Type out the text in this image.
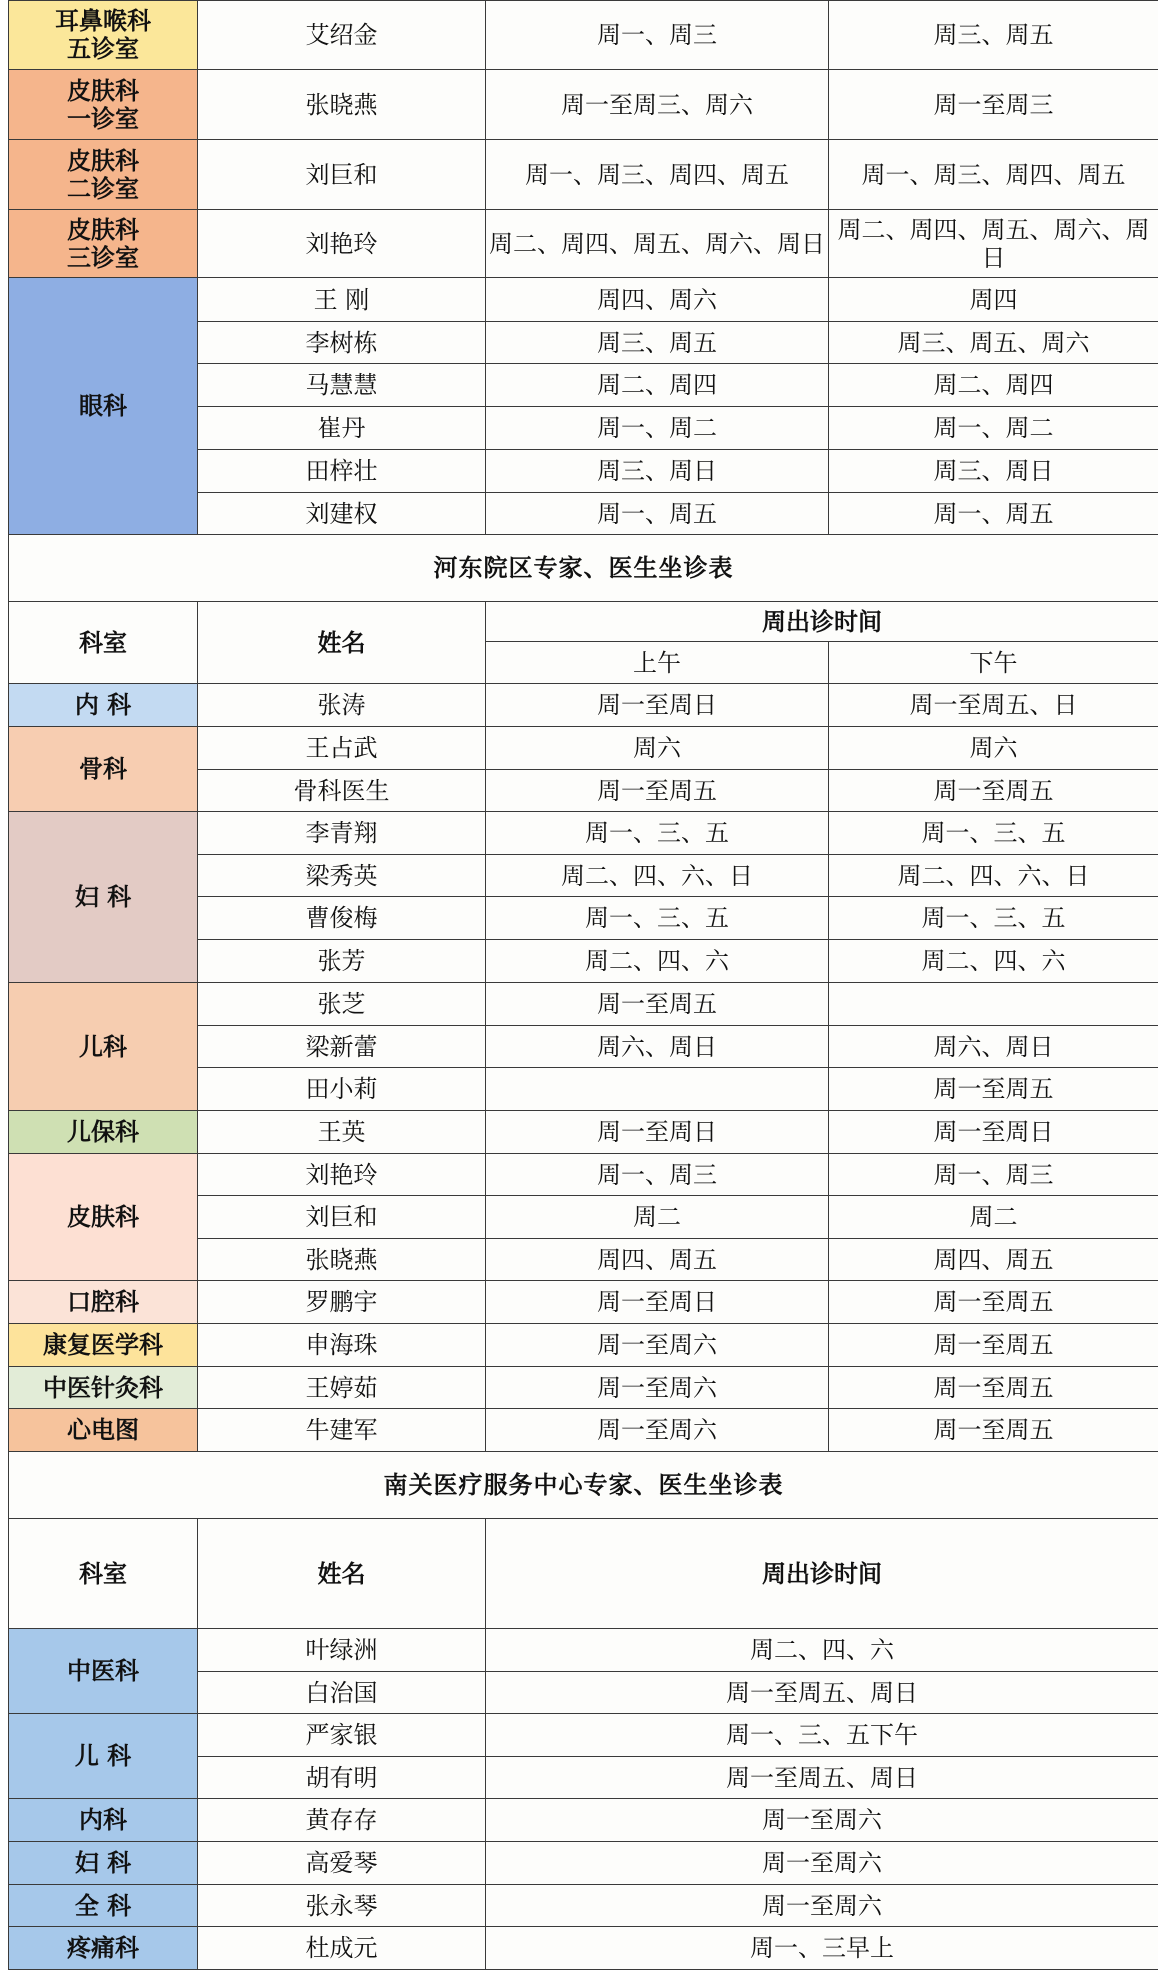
耳鼻喉科
五诊室	艾绍金	周一、周三	周三、周五

皮肤科
一诊室	张晓燕	周一至周三、周六	周一至周三

皮肤科
二诊室	刘巨和	周一、周三、周四、周五	周一、周三、周四、周五

皮肤科
三诊室	刘艳玲	周二、周四、周五、周六、周日	周二、周四、周五、周六、周日
眼科	王 刚	周四、周六	周四
	李树栋	周三、周五	周三、周五、周六
	马慧慧	周二、周四	周二、周四
	崔丹	周一、周二	周一、周二
	田梓壮	周三、周日	周三、周日
	刘建权	周一、周五	周一、周五
河东院区专家、医生坐诊表			
科室	姓名	周出诊时间	
		上午	下午
内 科	张涛	周一至周日	周一至周五、日
骨科	王占武	周六	周六
	骨科医生	周一至周五	周一至周五
妇 科	李青翔	周一、三、五	周一、三、五
	梁秀英	周二、四、六、日	周二、四、六、日
	曹俊梅	周一、三、五	周一、三、五
	张芳	周二、四、六	周二、四、六
儿科	张芝	周一至周五	
	梁新蕾	周六、周日	周六、周日
	田小莉		周一至周五
儿保科	王英	周一至周日	周一至周日
皮肤科	刘艳玲	周一、周三	周一、周三
	刘巨和	周二	周二
	张晓燕	周四、周五	周四、周五
口腔科	罗鹏宇	周一至周日	周一至周五
康复医学科	申海珠	周一至周六	周一至周五
中医针灸科	王婷茹	周一至周六	周一至周五
心电图	牛建军	周一至周六	周一至周五
南关医疗服务中心专家、医生坐诊表			
科室	姓名	周出诊时间	
中医科	叶绿洲	周二、四、六	
	白治国	周一至周五、周日	
儿 科	严家银	周一、三、五下午	
	胡有明	周一至周五、周日	
内科	黄存存	周一至周六	
妇 科	高爱琴	周一至周六	
全 科	张永琴	周一至周六	
疼痛科	杜成元	周一、三早上	
